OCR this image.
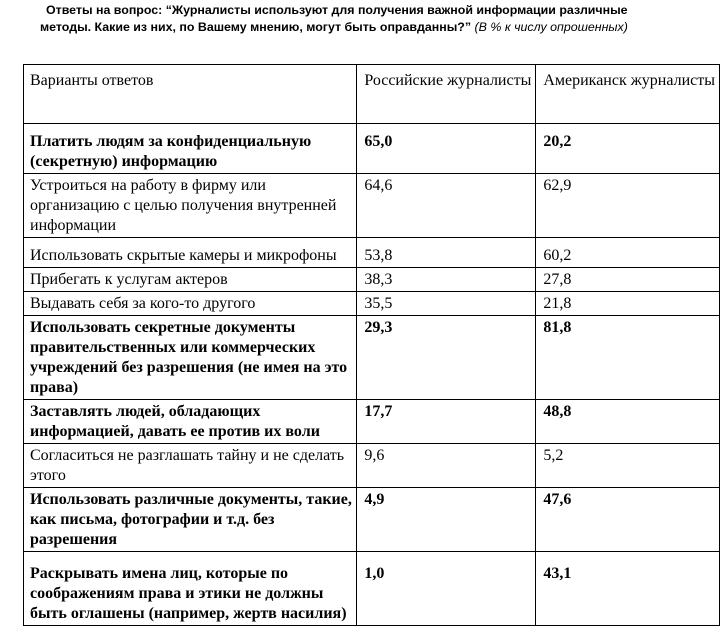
Ответы на вопрос: “Журналисты используют для получения важной информации различные
методы. Какие из них, по Вашему мнению, могут быть оправданны?” (В % к числу опрошенных)
Варианты ответов	Российские журналисты	Американск журналисты
Платить людям за конфиденциальную (секретную) информацию	65,0	20,2
Устроиться на работу в фирму или организацию с целью получения внутренней информации	64,6	62,9
Использовать скрытые камеры и микрофоны	53,8	60,2
Прибегать к услугам актеров	38,3	27,8
Выдавать себя за кого-то другого	35,5	21,8
Использовать секретные документы правительственных или коммерческих учреждений без разрешения (не имея на это права)	29,3	81,8
Заставлять людей, обладающих информацией, давать ее против их воли	17,7	48,8
Согласиться не разглашать тайну и не сделать этого	9,6	5,2
Использовать различные документы, такие, как письма, фотографии и т.д. без разрешения	4,9	47,6
Раскрывать имена лиц, которые по соображениям права и этики не должны быть оглашены (например, жертв насилия)	1,0	43,1
